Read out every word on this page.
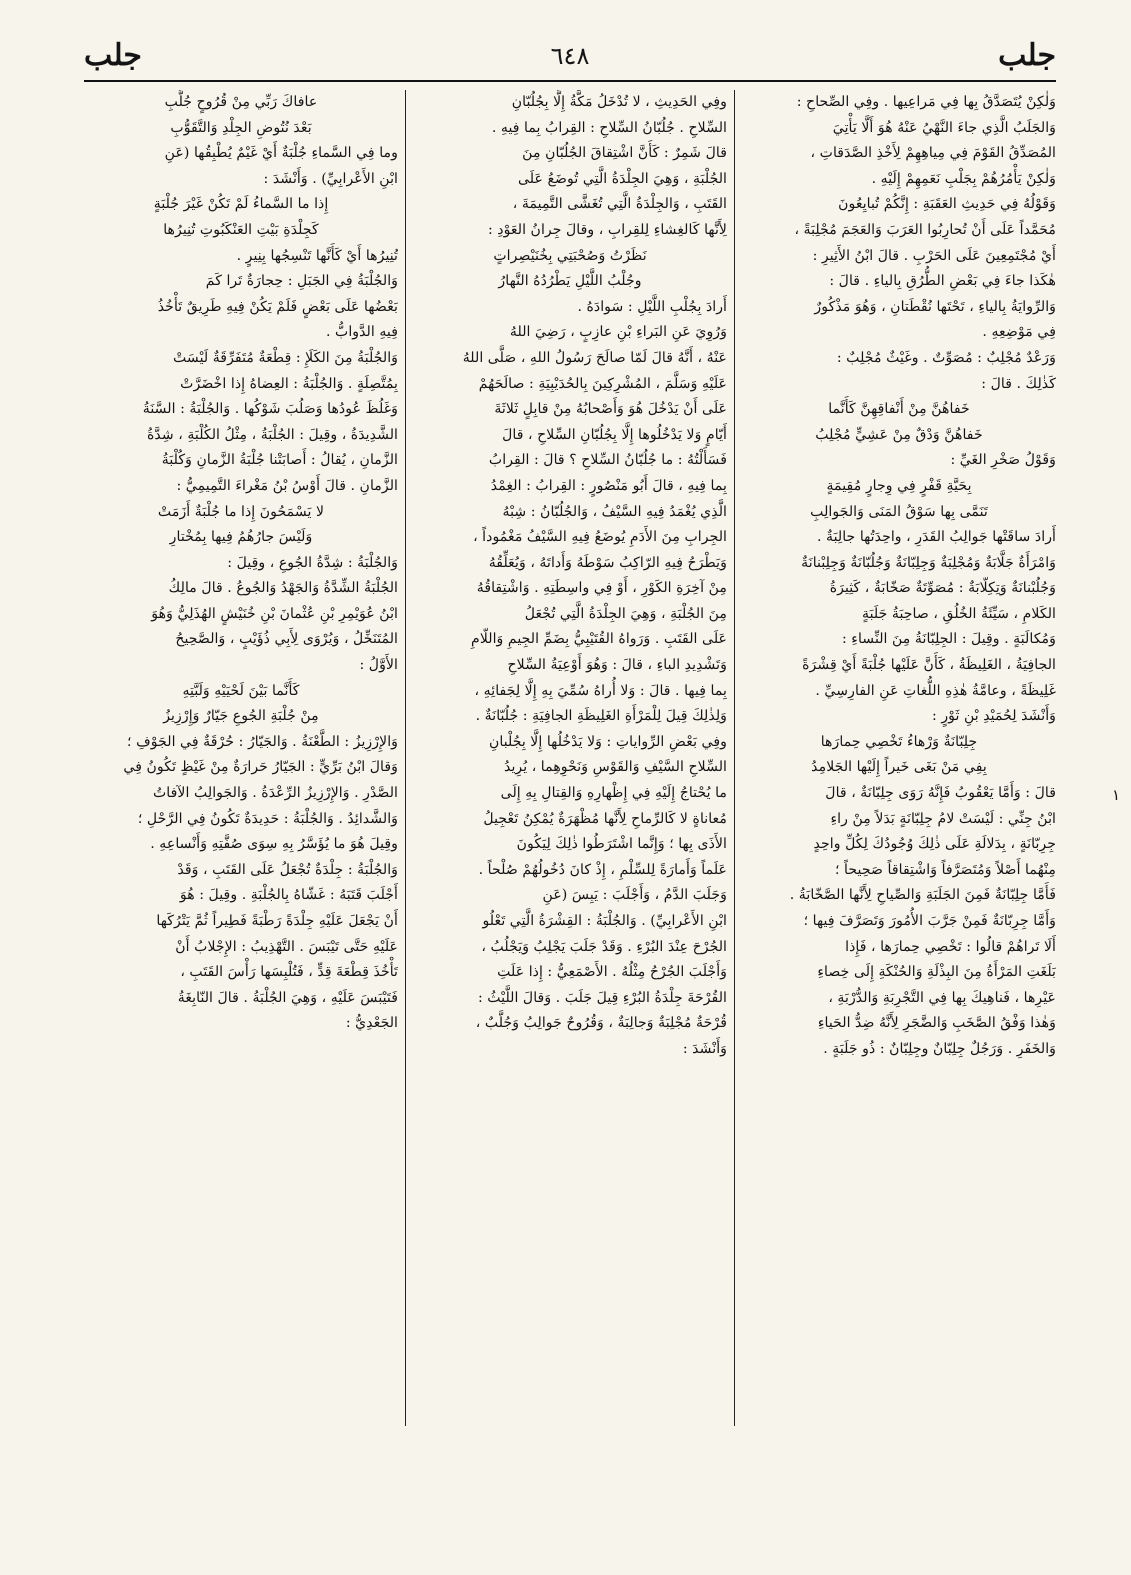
جلب	٦٤٨	جلب

وَلٰكِنْ يُتَصَدَّقُ بِها فِي مَراعِيها . وفِي الصِّحاحِ :

وَالجَلَبُ الَّذِي جاءَ النَّهْيُ عَنْهُ هُوَ أَلَّا يَأْتِيَ

المُصَدِّقُ القَوْمَ فِي مِياهِهِمْ لِأَخْذِ الصَّدَقاتِ ،

وَلٰكِنْ يَأْمُرُهُمْ بِجَلْبِ نَعَمِهِمْ إِلَيْهِ .

وَقَوْلُهُ فِي حَدِيثِ العَقَبَةِ : إِنَّكُمْ تُبايِعُونَ

مُحَمَّداً عَلَى أَنْ تُحارِبُوا العَرَبَ وَالعَجَمَ مُجْلِبَةً ،

أَيْ مُجْتَمِعِينَ عَلَى الحَرْبِ . قالَ ابْنُ الأَثِيرِ :

هٰكَذا جاءَ فِي بَعْضِ الطُّرُقِ بِالياءِ . قالَ :

وَالرِّوايَةُ بِالياءِ ، تَحْتَها نُقْطَتانِ ، وَهُوَ مَذْكُورٌ

فِي مَوْضِعِهِ .

وَرَعْدٌ مُجْلِبٌ : مُصَوِّتٌ . وغَيْثٌ مُجْلِبٌ :

كَذٰلِكَ . قالَ :

خَفاهُنَّ مِنْ أَنْفاقِهِنَّ كَأَنَّما

خَفاهُنَّ وَدْقٌ مِنْ عَشِيٍّ مُجْلِبُ

وَقَوْلُ صَخْرِ الغَيِّ :

بِحَيَّةِ قَفْرٍ فِي وِجارٍ مُقِيمَةٍ

تَنَمَّى بِها سَوْقُ المَنَى وَالجَوالِبِ

أَرادَ ساقَتْها جَوالِبُ القَدَرِ ، واحِدَتُها جالِبَةٌ .

وَامْرَأَةٌ جَلَّابَةٌ وَمُجْلِبَةٌ وَجِلِبّانَةٌ وَجُلُبّانَةٌ وَجِلِبْنانَةٌ

وَجُلُبْنانَةٌ وَتِكِلّابَةٌ : مُصَوِّتَةٌ صَخّابَةٌ ، كَثِيرَةُ

الكَلامِ ، سَيِّئَةُ الخُلُقِ ، صاحِبَةُ جَلَبَةٍ

وَمُكالَبَةٍ . وقِيلَ : الجِلِبّانَةُ مِنَ النِّساءِ :

الجافِيَةُ ، الغَلِيظَةُ ، كَأَنَّ عَلَيْها جُلْبَةً أَيْ قِشْرَةً

غَلِيظَةً ، وعامَّةُ هٰذِهِ اللُّغاتِ عَنِ الفارِسِيِّ .

وَأَنْشَدَ لِحُمَيْدِ بْنِ ثَوْرٍ :

جِلِبّانَةٌ وَرْهاءُ تَخْصِي حِمارَها

بِفِي مَنْ بَغَى خَيراً إِلَيْها الجَلامِدُ

قالَ : وَأَمَّا يَعْقُوبُ فَإِنَّهُ رَوَى جِلِبّانَةٌ ، قالَ

ابْنُ جِنِّي : لَيْسَتْ لامُ جِلِبّانَةٍ بَدَلاً مِنْ راءِ

جِرِبّانَةٍ ، بِدَلالَةِ عَلَى ذٰلِكَ وُجُودُكَ لِكُلِّ واحِدٍ

مِنْهُما أَصْلاً وَمُتَصَرَّفاً وَاشْتِقاقاً صَحِيحاً ؛

فَأَمَّا جِلِبّانَةٌ فَمِنَ الجَلَبَةِ وَالصِّياحِ لِأَنَّها الصَّخّابَةُ .

وَأَمَّا جِرِبّانَةٌ فَمِنْ جَرَّبَ الأُمُورَ وَتَصَرَّفَ فِيها ؛

أَلَا تَراهُمْ قالُوا : تَخْصِي حِمارَها ، فَإِذا

بَلَغَتِ المَرْأَةُ مِنَ البِذْلَةِ وَالحُنْكَةِ إِلَى خِصاءِ

عَيْرِها ، فَناهِيكَ بِها فِي التَّجْرِبَةِ وَالدُّرْبَةِ ،

وَهٰذا وَفْقُ الصَّخَبِ وَالضَّجَرِ لِأَنَّهُ ضِدُّ الحَياءِ

وَالخَفَرِ . وَرَجُلٌ جِلِبّانٌ وجِلِبّانٌ : ذُو جَلَبَةٍ .

وفِي الحَدِيثِ ، لا تُدْخَلُ مَكَّةُ إِلَّا بِجُلُبّانِ

السِّلاحِ . جُلُبّانُ السِّلاحِ : القِرابُ بِما فِيهِ .

قالَ شَمِرٌ : كَأَنَّ اشْتِقاقَ الجُلُبّانِ مِنَ

الجُلْبَةِ ، وَهِيَ الجِلْدَةُ الَّتِي تُوضَعُ عَلَى

القَتَبِ ، وَالجِلْدَةُ الَّتِي تُغَشَّى التَّمِيمَةَ ،

لِأَنَّها كَالغِشاءِ لِلقِرابِ ، وقالَ جِرانُ العَوْدِ :

نَظَرْتُ وَصُحْبَتِي بِخُنَيْصِراتٍ

وجُلْبُ اللَّيْلِ يَطْرُدُهُ النَّهارُ

أَرادَ بِجُلْبِ اللَّيْلِ : سَوادَهُ .

وَرُوِيَ عَنِ البَراءِ بْنِ عازِبٍ ، رَضِيَ اللهُ

عَنْهُ ، أَنَّهُ قالَ لَمّا صالَحَ رَسُولُ اللهِ ، صَلَّى اللهُ

عَلَيْهِ وَسَلَّمَ ، المُشْرِكِينَ بِالحُدَيْبِيَةِ : صالَحَهُمْ

عَلَى أَنْ يَدْخُلَ هُوَ وَأَصْحابُهُ مِنْ قابِلٍ ثَلاثَةَ

أَيّامٍ وَلا يَدْخُلُوها إِلَّا بِجُلُبّانِ السِّلاحِ ، قالَ

فَسَأَلْتُهُ : ما جُلُبّانُ السِّلاحِ ؟ قالَ : القِرابُ

بِما فِيهِ ، قالَ أَبُو مَنْصُورٍ : القِرابُ : الغِمْدُ

الَّذِي يُغْمَدُ فِيهِ السَّيْفُ ، وَالجُلُبّانُ : شِبْهُ

الجِرابِ مِنَ الأَدَمِ يُوضَعُ فِيهِ السَّيْفُ مَغْمُوداً ،

وَيَطْرَحُ فِيهِ الرّاكِبُ سَوْطَهُ وَأَداتَهُ ، وَيُعَلِّقُهُ

مِنْ آخِرَةِ الكَوْرِ ، أَوْ فِي واسِطَتِهِ . وَاشْتِقاقُهُ

مِنَ الجُلْبَةِ ، وَهِيَ الجِلْدَةُ الَّتِي تُجْعَلُ

عَلَى القَتَبِ . وَرَواهُ القُتَيْبِيُّ بِضَمِّ الجِيمِ وَاللّامِ

وَتَشْدِيدِ الباءِ ، قالَ : وَهُوَ أَوْعِيَةُ السِّلاحِ

بِما فِيها . قالَ : وَلا أُراهُ سُمِّيَ بِهِ إِلَّا لِجَفائِهِ ،

وَلِذٰلِكَ قِيلَ لِلْمَرْأَةِ الغَلِيظَةِ الجافِيَةِ : جُلُبّانَةٌ .

وفِي بَعْضِ الرِّواياتِ : وَلا يَدْخُلُها إِلَّا بِجُلْبانِ

السِّلاحِ السَّيْفِ وَالقَوْسِ وَنَحْوِهِما ، يُرِيدُ

ما يُحْتاجُ إِلَيْهِ فِي إِظْهارِهِ وَالقِتالِ بِهِ إِلَى

مُعاناةٍ لا كَالرِّماحِ لِأَنَّها مُظْهَرَةٌ يُمْكِنُ تَعْجِيلُ

الأَذَى بِها ؛ وَإِنَّما اشْتَرَطُوا ذٰلِكَ لِيَكُونَ

عَلَماً وَأَمارَةً لِلسِّلْمِ ، إِذْ كانَ دُخُولُهُمْ صُلْحاً .

وَجَلَبَ الدَّمُ ، وَأَجْلَبَ : يَبِسَ (عَنِ

ابْنِ الأَعْرابِيِّ) . وَالجُلْبَةُ : القِشْرَةُ الَّتِي تَعْلُو

الجُرْحَ عِنْدَ البُرْءِ . وَقَدْ جَلَبَ يَجْلِبُ وَيَجْلُبُ ،

وَأَجْلَبَ الجُرْحُ مِثْلُهُ . الأَصْمَعِيُّ : إِذا عَلَتِ

القُرْحَةَ جِلْدَةُ البُرْءِ قِيلَ جَلَبَ . وَقالَ اللَّيْثُ :

قُرْحَةٌ مُجْلِبَةٌ وَجالِبَةٌ ، وَقُرُوحٌ جَوالِبُ وَجُلَّبٌ ،

وَأَنْشَدَ :

عافاكَ رَبِّي مِنْ قُرُوحٍ جُلَّبِ

بَعْدَ نُتُوضِ الجِلْدِ وَالتَّقَوُّبِ

وما فِي السَّماءِ جُلْبَةٌ أَيْ غَيْمٌ يُطْبِقُها (عَنِ

ابْنِ الأَعْرابِيِّ) . وَأَنْشَدَ :

إِذا ما السَّماءُ لَمْ تَكُنْ غَيْرَ جُلْبَةٍ

كَجِلْدَةِ بَيْتِ العَنْكَبُوتِ تُنِيرُها

تُنِيرُها أَيْ كَأَنَّها تَنْسِجُها بِنِيرٍ .

وَالجُلْبَةُ فِي الجَبَلِ : حِجارَةٌ تَرا كَمَ

بَعْضُها عَلَى بَعْضٍ فَلَمْ يَكُنْ فِيهِ طَرِيقٌ تَأْخُذُ

فِيهِ الدَّوابُّ .

وَالجُلْبَةُ مِنَ الكَلَإِ : قِطْعَةٌ مُتَفَرِّقَةٌ لَيْسَتْ

بِمُتَّصِلَةٍ . وَالجُلْبَةُ : العِضاهُ إِذا اخْضَرَّتْ

وَغَلُظَ عُودُها وَصَلُبَ شَوْكُها . وَالجُلْبَةُ : السَّنَةُ

الشَّدِيدَةُ ، وقِيلَ : الجُلْبَةُ ، مِثْلُ الكُلْبَةِ ، شِدَّةُ

الزَّمانِ ، يُقالُ : أَصابَتْنا جُلْبَةُ الزَّمانِ وَكُلْبَةُ

الزَّمانِ . قالَ أَوْسُ بْنُ مَغْراءَ التَّمِيمِيُّ :

لا يَسْمَحُونَ إِذا ما جُلْبَةٌ أَزَمَتْ

وَلَيْسَ جارُهُمُ فِيها بِمُخْتارِ

وَالجُلْبَةُ : شِدَّةُ الجُوعِ ، وقِيلَ :

الجُلْبَةُ الشِّدَّةُ وَالجَهْدُ وَالجُوعُ . قالَ مالِكُ

ابْنُ عُوَيْمِرِ بْنِ عُثْمانَ بْنِ خُنَيْشٍ الهُذَلِيُّ وَهُوَ

المُتَنَخِّلُ ، وَيُرْوَى لِأَبِي ذُؤَيْبٍ ، وَالصَّحِيحُ

الأَوَّلُ :

كَأَنَّما بَيْنَ لَحْيَيْهِ وَلَبَّتِهِ

مِنْ جُلْبَةِ الجُوعِ جَيّارٌ وَإِرْزِيزُ

وَالإِرْزِيزُ : الطَّعْنَةُ . وَالجَيّارُ : حُرْقَةٌ فِي الجَوْفِ ؛

وَقالَ ابْنُ بَرِّيٍّ : الجَيّارُ حَرارَةٌ مِنْ غَيْظٍ تَكُونُ فِي

الصَّدْرِ . وَالإِرْزِيزُ الرِّعْدَةُ . وَالجَوالِبُ الآفاتُ

وَالشَّدائِدُ . وَالجُلْبَةُ : حَدِيدَةٌ تَكُونُ فِي الرَّحْلِ ؛

وقِيلَ هُوَ ما يُؤَسَّرُ بِهِ سِوَى صُفَّتِهِ وَأَنْساعِهِ .

وَالجُلْبَةُ : جِلْدَةٌ تُجْعَلُ عَلَى القَتَبِ ، وَقَدْ

أَجْلَبَ قَتَبَهُ : غَشّاهُ بِالجُلْبَةِ . وقِيلَ : هُوَ

أَنْ يَجْعَلَ عَلَيْهِ جِلْدَةً رَطْبَةً فَطِيراً ثُمَّ يَتْرُكَها

عَلَيْهِ حَتَّى تَيْبَسَ . التَّهْذِيبُ : الإِجْلابُ أَنْ

تَأْخُذَ قِطْعَةَ قِدٍّ ، فَتُلْبِسَها رَأْسَ القَتَبِ ،

فَتَيْبَسَ عَلَيْهِ ، وَهِيَ الجُلْبَةُ . قالَ النّابِغَةُ

الجَعْدِيُّ :

١
